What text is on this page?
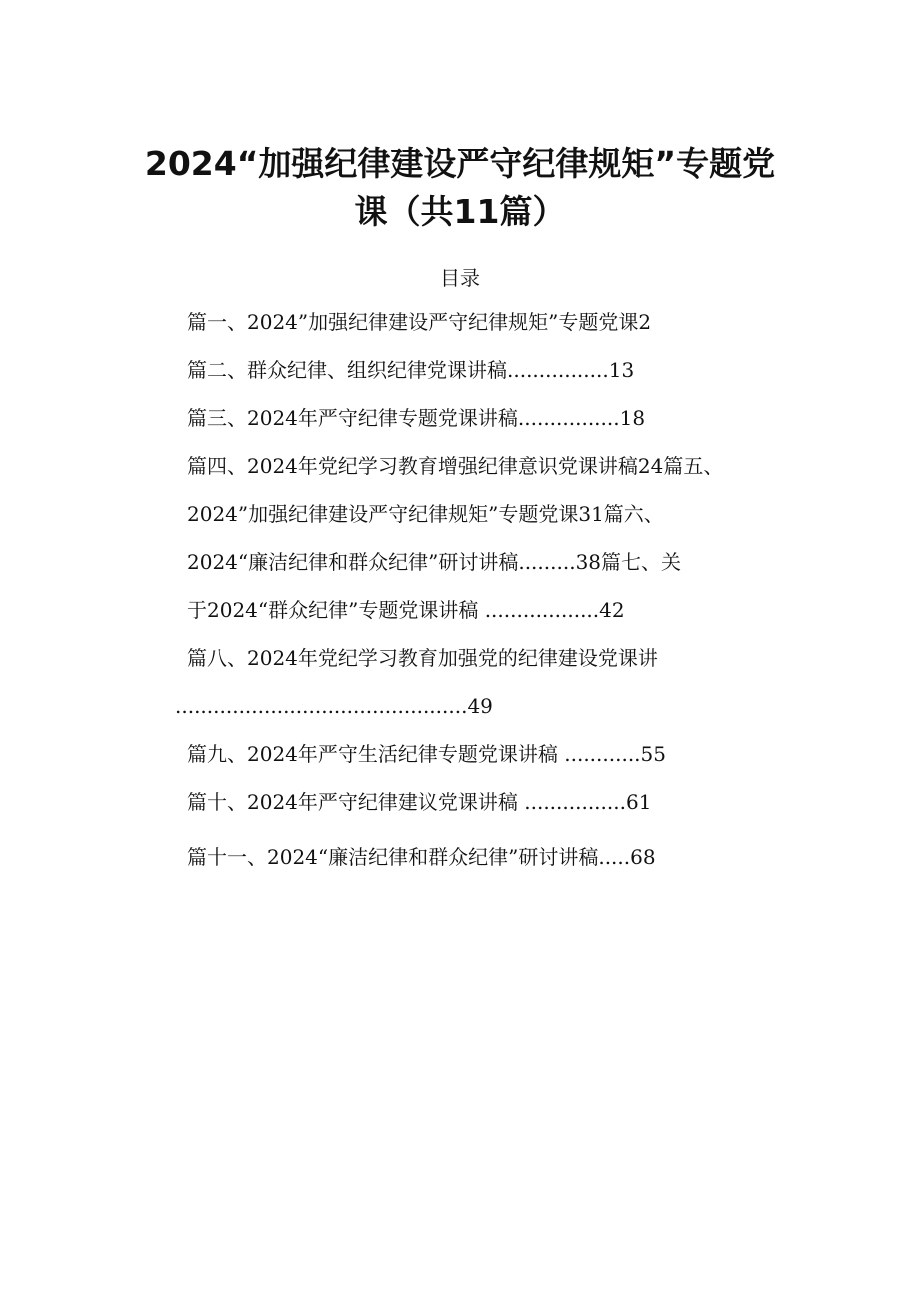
2024“加强纪律建设严守纪律规矩”专题党
课（共11篇）
目录
篇一、2024”加强纪律建设严守纪律规矩”专题党课2
篇二、群众纪律、组织纪律党课讲稿................13
篇三、2024年严守纪律专题党课讲稿................18
篇四、2024年党纪学习教育增强纪律意识党课讲稿24篇五、
2024”加强纪律建设严守纪律规矩”专题党课31篇六、
2024“廉洁纪律和群众纪律”研讨讲稿.........38篇七、关
于2024“群众纪律”专题党课讲稿 ..................42
篇八、2024年党纪学习教育加强党的纪律建设党课讲
..............................................49
篇九、2024年严守生活纪律专题党课讲稿 ............55
篇十、2024年严守纪律建议党课讲稿 ................61
篇十一、2024“廉洁纪律和群众纪律”研讨讲稿.....68
